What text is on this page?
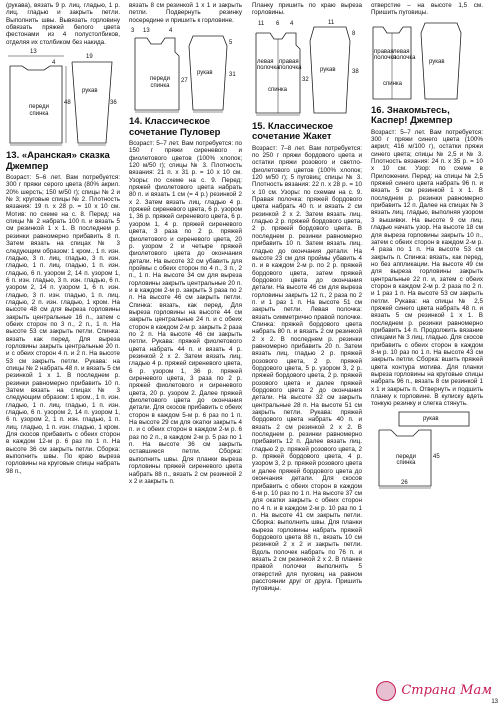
(рукава), вязать 9 р. лиц. гладью, 1 р. лиц. гладью и закрыть петли. Выполнить швы. Вывязать горловину обвязать пряжей белого цвета фестонами из 4 полустолбиков, отделяя их столбиком без накида.

рукав
переди спинка
13
19
4
36
48
13. «Аранская» сказка Джемпер

Возраст: 5–6 лет. Вам потребуется: 300 г пряжи серого цвета (80% акрил. 20% шерсть; 150 м/50 г); спицы № 2 и № 3; круговые спицы № 2. Плотность вязания: 19 п. х 28 р. = 10 х 10 см. Мотив: по схеме на с. 8. Перед: на спицы № 2 набрать 100 п. и вязать 5 см резинкой 1 х 1. В последнем р. резинки равномерно прибавить 8 п. Затем вязать на спицах № 3 следующим образом: 1 кром., 1 п. изн. гладью, 3 п. лиц. гладью, 3 п. изн. гладью, 1 п. лиц. гладью, 1 п. изн. гладью, 6 п. узором 2, 14 п. узором 1, 6 п. изн. гладью, 3 п. изн. гладью, 6 п. узором 2, 14 п. узором 1, 6 п. изн. гладью, 3 п. изн. гладью, 1 п. лиц. гладью, 2 п. изн. гладью, 1 кром. На высоте 48 см для выреза горловины закрыть центральные 16 п., затем с обеих сторон по 3 п., 2 п., 1 п. На высоте 53 см закрыть петли. Спинка: вязать как перед. Для выреза горловины закрыть центральные 20 п. и с обеих сторон 4 п. и 2 п. На высоте 53 см закрыть петли. Рукава: на спицы № 2 набрать 48 п. и вязать 5 см резинкой 1 х 1. В последнем р. резинки равномерно прибавить 10 п. Затем вязать на спицах № 3 следующим образом: 1 кром., 1 п. изн. гладью, 1 п. лиц. гладью, 1 п. изн. гладью, 6 п. узором 2, 14 п. узором 1, 6 п. узором 2, 1 п. изн. гладью, 1 п. лиц. гладью, 1 п. изн. гладью, 1 кром. Для скосов прибавить с обеих сторон в каждом 12-м р. 6 раз по 1 п. На высоте 36 см закрыть петли. Сборка: выполнить швы. По краю выреза горловины на круговые спицы набрать 98 п.,

вязать 8 см резинкой 1 х 1 и закрыть петли. Подвернуть резинку посередине и пришить к горловине.

рукав
переди спинка
3 13	4
5
31
27
14. Классическое сочетание Пуловер

Возраст: 5–7 лет. Вам потребуется: по 150 г пряжи сиреневого и фиолетового цветов (100% хлопок; 120 м/50 г); спицы № 3. Плотность вязания: 21 п. х 31 р. = 10 х 10 см. Узоры: по схеме на с. 9. Перед: пряжей фиолетового цвета набрать 80 п. и вязать 1 см (= 4 р.) резинкой 2 х 2. Затем вязать лиц. гладью 4 р. пряжей сиреневого цвета, 6 р. узором 1, 36 р. пряжей сиреневого цвета, 6 р. узором 1, 4 р. пряжей сиреневого цвета, 3 раза по 2 р. пряжей фиолетового и сиреневого цвета, 20 р. узором 2 и четыре пряжей фиолетового цвета до окончания детали. На высоте 32 см убавить для проймы с обеих сторон по 4 п., 3 п., 2 п., 1 п. На высоте 34 см для выреза горловины закрыть центральные 20 п. и в каждом 2-м р. закрыть 3 раза по 2 п. На высоте 46 см закрыть петли. Спинка: вязать, как перед. Для выреза горловины на высоте 44 см закрыть центральные 24 п. и с обеих сторон в каждом 2-м р. закрыть 2 раза по 2 п. На высоте 46 см закрыть петли. Рукава: пряжей фиолетового цвета набрать 44 п. и вязать 4 р. резинкой 2 х 2. Затем вязать лиц. гладью 4 р. пряжей сиреневого цвета, 6 р. узором 1, 36 р. пряжей сиреневого цвета, 3 раза по 2 р. пряжей фиолетового и сиреневого цвета, 20 р. узором 2. Далее пряжей фиолетового цвета до окончания детали. Для скосов прибавить с обеих сторон в каждом 5-м р. 6 раз по 1 п. На высоте 29 см для окатки закрыть 4 п. и с обеих сторон в каждом 2-м р. 6 раз по 2 п., в каждом 2-м р. 5 раз по 1 п. На высоте 36 см закрыть оставшиеся петли. Сборка: выполнить швы. Для планки выреза горловины пряжей сиреневого цвета набрать 88 п., вязать 2 см резинкой 2 х 2 и закрыть п.

Планку пришить по краю выреза горловины.

рукав
левая полочка
правая полочка
спинка
11 6 4
8
11
38
32
15. Классическое сочетание Жакет

Возраст: 7–8 лет. Вам потребуется: по 250 г пряжи бордового цвета и остатки пряжи розового и светло-фиолетового цветов (100% хлопок; 120 м/50 г); 5 пуговиц; спицы № 3. Плотность вязания: 22 п. х 28 р. = 10 х 10 см. Узоры: по схемам на с. 9. Правая полочка: пряжей бордового цвета набрать 40 п. и вязать 2 см резинкой 2 х 2. Затем вязать лиц. гладью 2 р. пряжей бордового цвета, 2 р. пряжей бордового цвета. В последнем р. резинки равномерно прибавить 10 п. Затем вязать лиц. гладью до окончания детали. На высоте 23 см для проймы убавить 4 п. и в каждом 2-м р. по 2 р. пряжей бордового цвета, затем пряжей бордового цвета до окончания детали. На высоте 46 см для выреза горловины закрыть 12 п., 2 раза по 2 п. и 1 раз 1 п. На высоте 51 см закрыть петли. Левая полочка: вязать симметрично правой полочке. Спинка: пряжей бордового цвета набрать 80 п. и вязать 2 см резинкой 2 х 2. В последнем р. резинки равномерно прибавить 20 п. Затем вязать лиц. гладью 2 р. пряжей розового цвета, 2 р. пряжей бордового цвета, 5 р. узором 3, 2 р. пряжей бордового цвета, 2 р. пряжей розового цвета и далее пряжей бордового цвета 2 до окончания детали. На высоте 32 см закрыть центральные 28 п. На высоте 51 см закрыть петли. Рукава: пряжей бордового цвета набрать 40 п. и вязать 2 см резинкой 2 х 2. В последнем р. резинки равномерно прибавить 12 п. Далее вязать лиц. гладью 2 р. пряжей розового цвета, 2 р. пряжей бордового цвета, 4 р. узором 3, 2 р. пряжей розового цвета и далее пряжей бордового цвета до окончания детали. Для скосов прибавить с обеих сторон в каждом 6-м р. 10 раз по 1 п. На высоте 37 см для окатки закрыть с обеих сторон по 4 п. и в каждом 2-м р. 10 раз по 1 п. На высоте 41 см закрыть петли. Сборка: выполнить швы. Для планки выреза горловины набрать пряжей бордового цвета 88 п., вязать 10 см резинкой 2 х 2 и закрыть петли. Вдоль полочек набрать по 76 п. и вязать 2 см резинкой 2 х 2. В планке правой полочки выполнить 5 отверстий для пуговиц на равном расстоянии друг от друга. Пришить пуговицы.

отверстие – на высоте 1,5 см. Пришить пуговицы.

рукав
правая полочка
левая полочка
спинка
16. Знакомьтесь, Каспер! Джемпер

Возраст: 5–7 лет. Вам потребуется: 300 г пряжи синего цвета (100% акрил; 416 м/100 г), остатки пряжи синего цвета; спицы № 2,5 и № 3. Плотность вязания: 24 п. х 35 р. = 10 х 10 см. Узор: по схеме в Приложении. Перед: на спицы № 2,5 пряжей синего цвета набрать 96 п. и вязать 5 см резинкой 1 х 1. В последнем р. резинки равномерно прибавить 12 п. Далее на спицах № 3 вязать лиц. гладью, выполняя узором 3 вышивки. На высоте 9 см лиц. гладью начать узор. На высоте 18 см для выреза горловины закрыть 10 п., затем с обеих сторон в каждом 2-м р. 4 раза по 1 п. На высоте 53 см закрыть п. Спинка: вязать, как перед, но без аппликации. На высоте 49 см для выреза горловины закрыть центральные 22 п. и, затем с обеих сторон в каждом 2-м р. 2 раза по 2 п. и 1 раз 1 п. На высоте 53 см закрыть петли. Рукава: на спицы № 2,5 пряжей синего цвета набрать 48 п. и вязать 5 см резинкой 1 х 1. В последнем р. резинки равномерно прибавить 14 п. Продолжить вязание спицами № 3 лиц. гладью. Для скосов прибавить с обеих сторон в каждом 8-м р. 10 раз по 1 п. На высоте 43 см закрыть петли. Сборка: вшить пряжей цвета контура мотива. Для планки выреза горловины на круговые спицы набрать 96 п., вязать 8 см резинкой 1 х 1 и закрыть п. Отвернуть и подшить планку к горловине. В кулиску вдеть тонкую резинку и слегка стянуть.

рукав
переди спинка
45
26
Страна Мам
13
